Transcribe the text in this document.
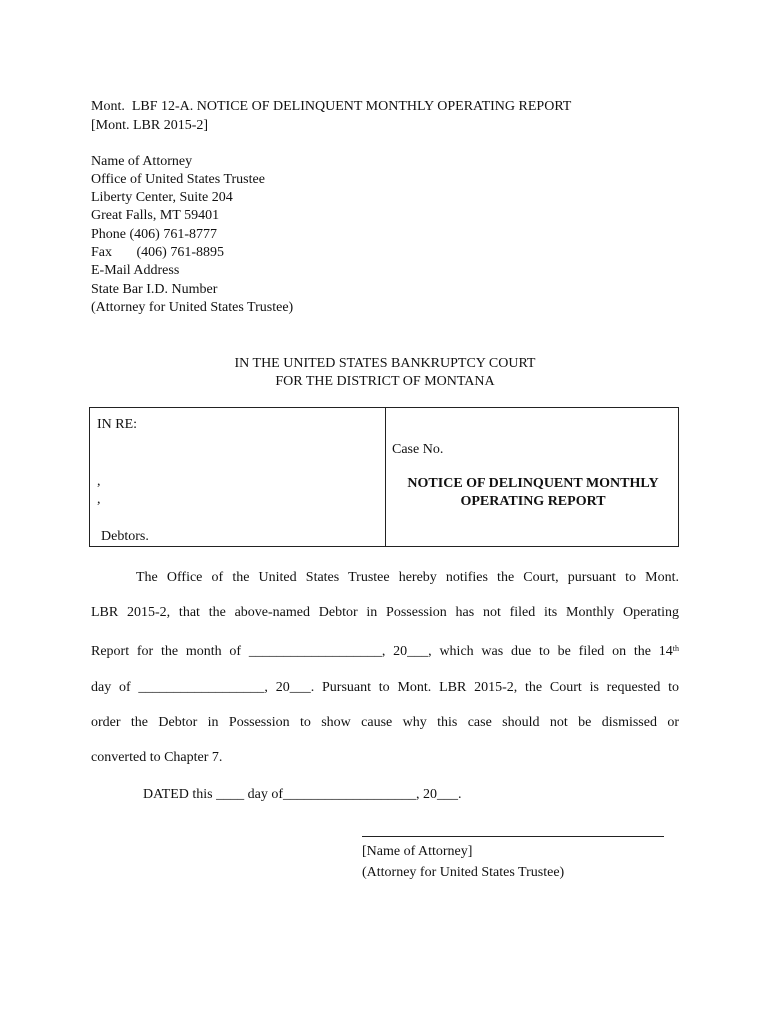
Mont.  LBF 12-A. NOTICE OF DELINQUENT MONTHLY OPERATING REPORT
[Mont. LBR 2015-2]
Name of Attorney
Office of United States Trustee
Liberty Center, Suite 204
Great Falls, MT 59401
Phone (406) 761-8777
Fax       (406) 761-8895
E-Mail Address
State Bar I.D. Number
(Attorney for United States Trustee)
IN THE UNITED STATES BANKRUPTCY COURT
FOR THE DISTRICT OF MONTANA
IN RE:
,
,
Debtors.
Case No.
NOTICE OF DELINQUENT MONTHLY
OPERATING REPORT
The Office of the United States Trustee hereby notifies the Court, pursuant to Mont.
LBR 2015-2, that the above-named Debtor in Possession has not filed its Monthly Operating
Report for the month of ___________________, 20___, which was due to be filed on the 14th
day of __________________, 20___. Pursuant to Mont. LBR 2015-2, the Court is requested to
order the Debtor in Possession to show cause why this case should not be dismissed or
converted to Chapter 7.
DATED this ____ day of___________________, 20___.
[Name of Attorney]
(Attorney for United States Trustee)
